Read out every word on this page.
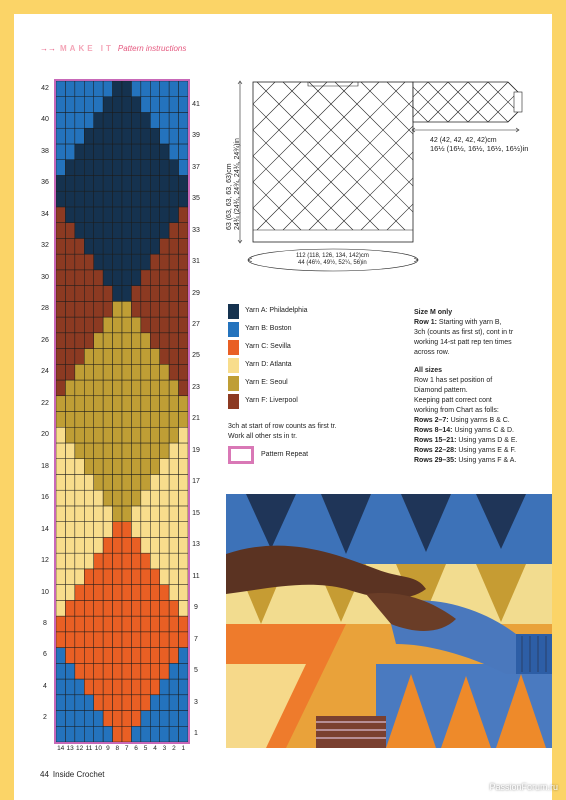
→→ MAKE IT Pattern instructions
2
4
6
8
10
12
14
16
18
20
22
24
26
28
30
32
34
36
38
40
42
1
3
5
7
9
11
13
15
17
19
21
23
25
27
29
31
33
35
37
39
41
14 13 12 11 10 9 8 7 6 5 4 3 2 1
63 (63, 63, 63, 63)cm 24¾ (24¾, 24¾, 24¾, 24¾)in	42 (42, 42, 42, 42)cm
16½ (16½, 16½, 16½, 16½)in
112 (118, 126, 134, 142)cm
44 (46½, 49½, 52¼, 56)in
Yarn A: Philadelphia
Yarn B: Boston
Yarn C: Sevilla
Yarn D: Atlanta
Yarn E: Seoul
Yarn F: Liverpool
3ch at start of row counts as first tr.
Work all other sts in tr.
Pattern Repeat

Size M only

Row 1: Starting with yarn B,

3ch (counts as first st), cont in tr

working 14-st patt rep ten times

across row.

All sizes

Row 1 has set position of

Diamond pattern.

Keeping patt correct cont

working from Chart as folls:

Rows 2–7: Using yarns B & C.

Rows 8–14: Using yarns C & D.

Rows 15–21: Using yarns D & E.

Rows 22–28: Using yarns E & F.

Rows 29–35: Using yarns F & A.

44 Inside Crochet
PassionForum.ru
